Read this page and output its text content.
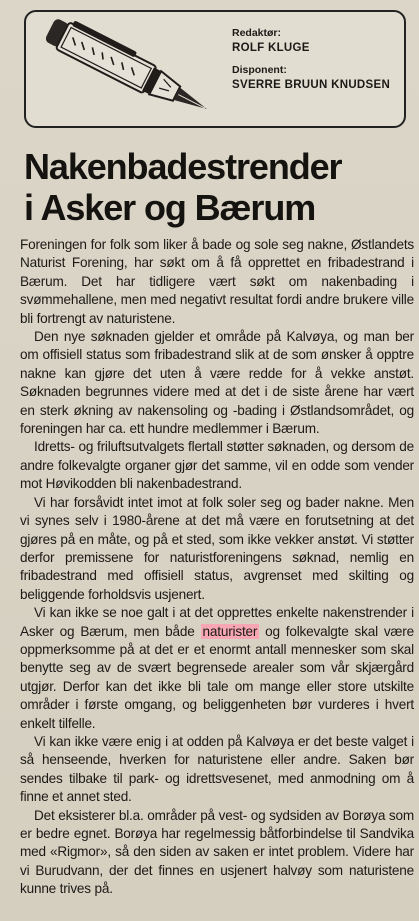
Redaktør:

ROLF KLUGE

Disponent:

SVERRE BRUUN KNUDSEN

Nakenbadestrender
i Asker og Bærum

Foreningen for folk som liker å bade og sole seg nakne, Østlandets Naturist Forening, har søkt om å få opprettet en fribadestrand i Bærum. Det har tidligere vært søkt om nakenbading i svømmehallene, men med negativt resultat fordi andre brukere ville bli fortrengt av naturistene.

Den nye søknaden gjelder et område på Kalvøya, og man ber om offisiell status som fribadestrand slik at de som ønsker å opptre nakne kan gjøre det uten å være redde for å vekke anstøt. Søknaden begrunnes videre med at det i de siste årene har vært en sterk økning av nakensoling og -bading i Østlandsområdet, og foreningen har ca. ett hundre medlemmer i Bærum.

Idretts- og friluftsutvalgets flertall støtter søknaden, og dersom de andre folkevalgte organer gjør det samme, vil en odde som vender mot Høvikodden bli nakenbadestrand.

Vi har forsåvidt intet imot at folk soler seg og bader nakne. Men vi synes selv i 1980-årene at det må være en forutsetning at det gjøres på en måte, og på et sted, som ikke vekker anstøt. Vi støtter derfor premissene for naturistforeningens søknad, nemlig en fribadestrand med offisiell status, avgrenset med skilting og beliggende forholdsvis usjenert.

Vi kan ikke se noe galt i at det opprettes enkelte nakenstrender i Asker og Bærum, men både naturister og folkevalgte skal være oppmerksomme på at det er et enormt antall mennesker som skal benytte seg av de svært begrensede arealer som vår skjærgård utgjør. Derfor kan det ikke bli tale om mange eller store utskilte områder i første omgang, og beliggenheten bør vurderes i hvert enkelt tilfelle.

Vi kan ikke være enig i at odden på Kalvøya er det beste valget i så henseende, hverken for naturistene eller andre. Saken bør sendes tilbake til park- og idrettsvesenet, med anmodning om å finne et annet sted.

Det eksisterer bl.a. områder på vest- og sydsiden av Borøya som er bedre egnet. Borøya har regelmessig båtforbindelse til Sandvika med «Rigmor», så den siden av saken er intet problem. Videre har vi Burudvann, der det finnes en usjenert halvøy som naturistene kunne trives på.
